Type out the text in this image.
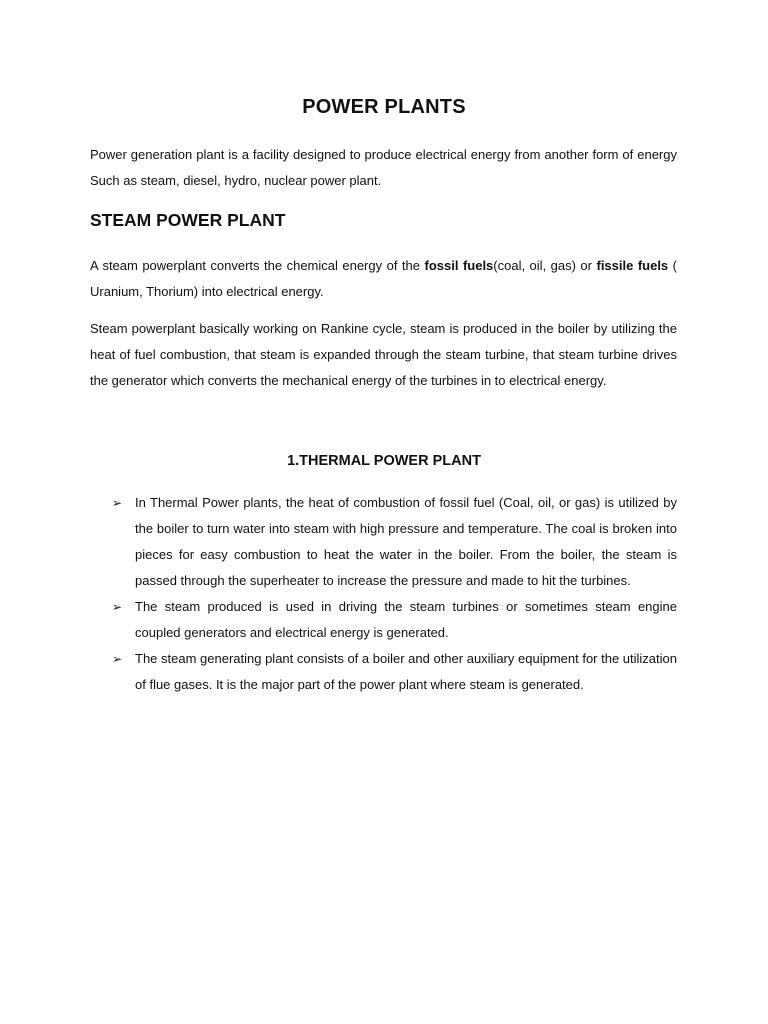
POWER PLANTS

Power generation plant is a facility designed to produce electrical energy from another form of energy Such as steam, diesel, hydro, nuclear power plant.

STEAM POWER PLANT

A steam powerplant converts the chemical energy of the fossil fuels(coal, oil, gas) or fissile fuels ( Uranium, Thorium) into electrical energy.

Steam powerplant basically working on Rankine cycle, steam is produced in the boiler by utilizing the heat of fuel combustion, that steam is expanded through the steam turbine, that steam turbine drives the generator which converts the mechanical energy of the turbines in to electrical energy.

1.THERMAL POWER PLANT
➢ In Thermal Power plants, the heat of combustion of fossil fuel (Coal, oil, or gas) is utilized by the boiler to turn water into steam with high pressure and temperature. The coal is broken into pieces for easy combustion to heat the water in the boiler. From the boiler, the steam is passed through the superheater to increase the pressure and made to hit the turbines.
➢ The steam produced is used in driving the steam turbines or sometimes steam engine coupled generators and electrical energy is generated.
➢ The steam generating plant consists of a boiler and other auxiliary equipment for the utilization of flue gases. It is the major part of the power plant where steam is generated.
